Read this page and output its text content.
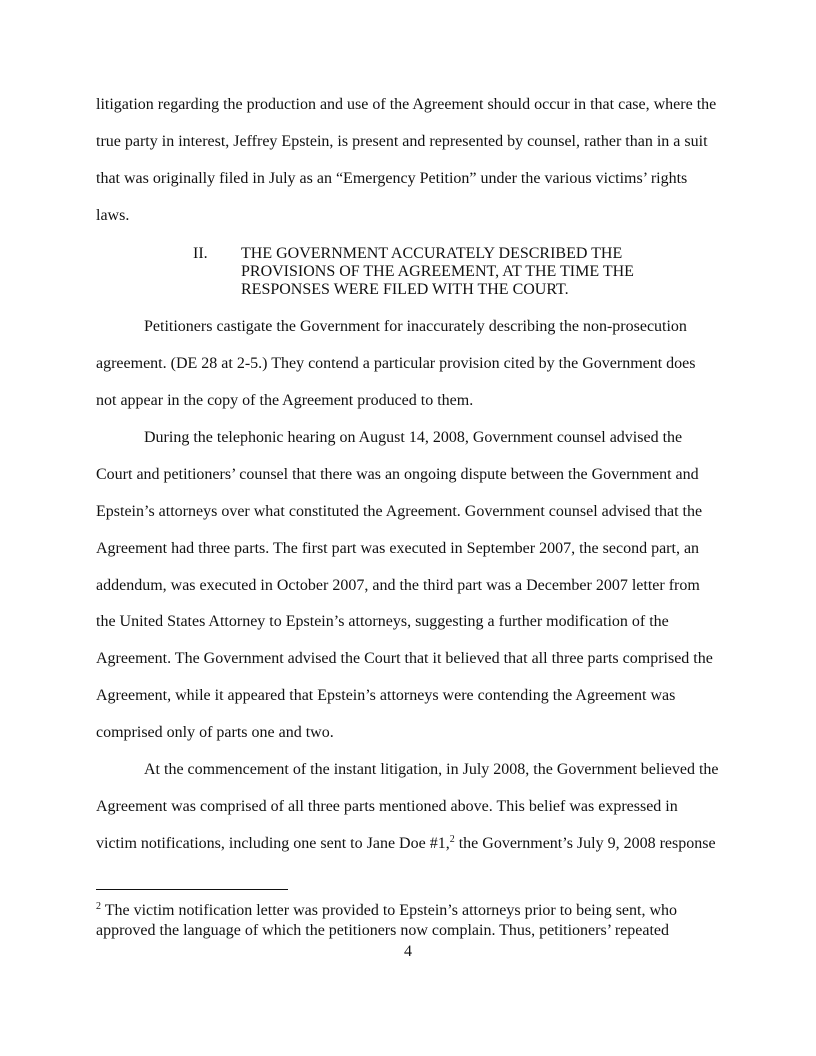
litigation regarding the production and use of the Agreement should occur in that case, where the
true party in interest, Jeffrey Epstein, is present and represented by counsel, rather than in a suit
that was originally filed in July as an “Emergency Petition” under the various victims’ rights
laws.
II. THE GOVERNMENT ACCURATELY DESCRIBED THE
PROVISIONS OF THE AGREEMENT, AT THE TIME THE
RESPONSES WERE FILED WITH THE COURT.
Petitioners castigate the Government for inaccurately describing the non-prosecution
agreement. (DE 28 at 2-5.) They contend a particular provision cited by the Government does
not appear in the copy of the Agreement produced to them.
During the telephonic hearing on August 14, 2008, Government counsel advised the
Court and petitioners’ counsel that there was an ongoing dispute between the Government and
Epstein’s attorneys over what constituted the Agreement. Government counsel advised that the
Agreement had three parts. The first part was executed in September 2007, the second part, an
addendum, was executed in October 2007, and the third part was a December 2007 letter from
the United States Attorney to Epstein’s attorneys, suggesting a further modification of the
Agreement. The Government advised the Court that it believed that all three parts comprised the
Agreement, while it appeared that Epstein’s attorneys were contending the Agreement was
comprised only of parts one and two.
At the commencement of the instant litigation, in July 2008, the Government believed the
Agreement was comprised of all three parts mentioned above. This belief was expressed in
victim notifications, including one sent to Jane Doe #1,$^2$ the Government’s July 9, 2008 response
$^2$ The victim notification letter was provided to Epstein’s attorneys prior to being sent, who
approved the language of which the petitioners now complain. Thus, petitioners’ repeated
4
